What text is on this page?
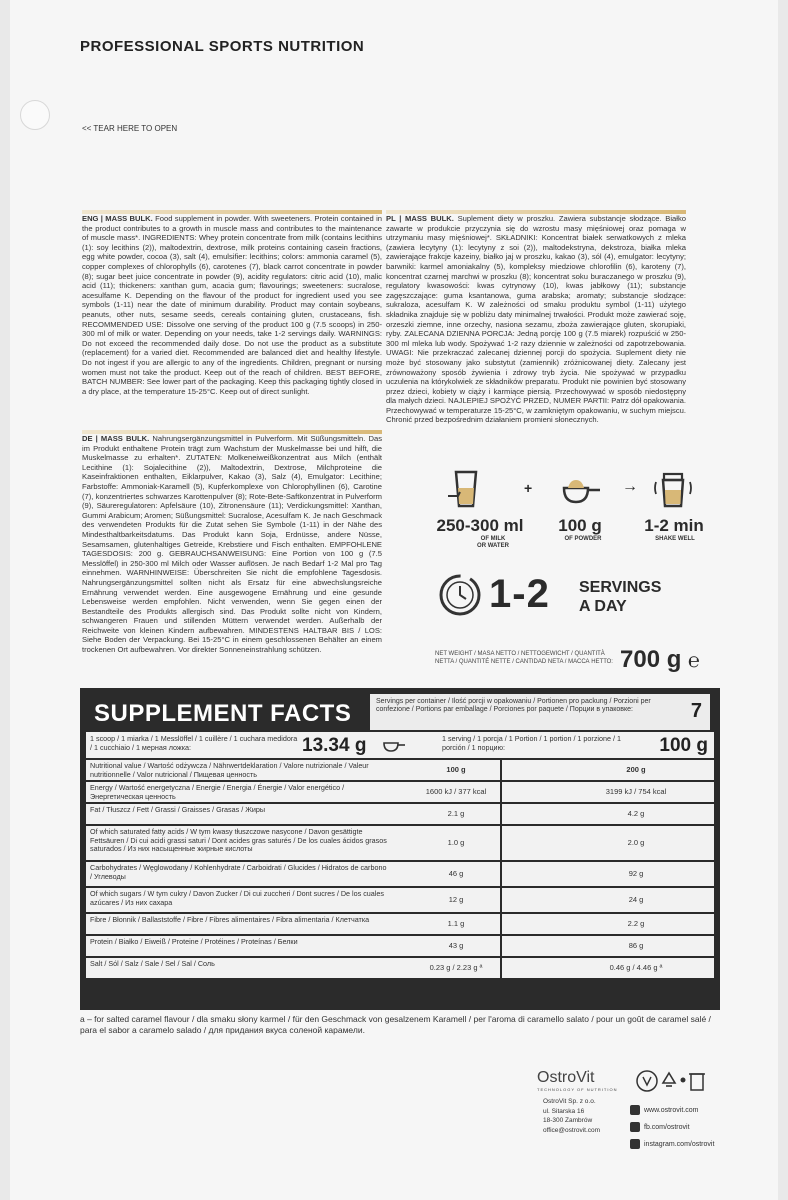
PROFESSIONAL SPORTS NUTRITION
<< TEAR HERE TO OPEN
ENG | MASS BULK. Food supplement in powder. With sweeteners. Protein contained in the product contributes to a growth in muscle mass and contributes to the maintenance of muscle mass*. INGREDIENTS: Whey protein concentrate from milk (contains lecithins (1): soy lecithins (2)), maltodextrin, dextrose, milk proteins containing casein fractions, egg white powder, cocoa (3), salt (4), emulsifier: lecithins; colors: ammonia caramel (5), copper complexes of chlorophylls (6), carotenes (7), black carrot concentrate in powder (8); sugar beet juice concentrate in powder (9), acidity regulators: citric acid (10), malic acid (11); thickeners: xanthan gum, acacia gum; flavourings; sweeteners: sucralose, acesulfame K. Depending on the flavour of the product for ingredient used you see symbols (1-11) near the date of minimum durability. Product may contain soybeans, peanuts, other nuts, sesame seeds, cereals containing gluten, crustaceans, fish. RECOMMENDED USE: Dissolve one serving of the product 100 g (7.5 scoops) in 250-300 ml of milk or water. Depending on your needs, take 1-2 servings daily. WARNINGS: Do not exceed the recommended daily dose. Do not use the product as a substitute (replacement) for a varied diet. Recommended are balanced diet and healthy lifestyle. Do not ingest if you are allergic to any of the ingredients. Children, pregnant or nursing women must not take the product. Keep out of the reach of children. BEST BEFORE, BATCH NUMBER: See lower part of the packaging. Keep this packaging tightly closed in a dry place, at the temperature 15-25°C. Keep out of direct sunlight.
PL | MASS BULK. Suplement diety w proszku. Zawiera substancje słodzące. Białko zawarte w produkcie przyczynia się do wzrostu masy mięśniowej oraz pomaga w utrzymaniu masy mięśniowej*. SKŁADNIKI: Koncentrat białek serwatkowych z mleka (zawiera lecytyny (1): lecytyny z soi (2)), maltodekstryna, dekstroza, białka mleka zawierające frakcje kazeiny, białko jaj w proszku, kakao (3), sól (4), emulgator: lecytyny; barwniki: karmel amoniakalny (5), kompleksy miedziowe chlorofilin (6), karoteny (7), koncentrat czarnej marchwi w proszku (8); koncentrat soku buraczanego w proszku (9), regulatory kwasowości: kwas cytrynowy (10), kwas jabłkowy (11); substancje zagęszczające: guma ksantanowa, guma arabska; aromaty; substancje słodzące: sukraloza, acesulfam K. W zależności od smaku produktu symbol (1-11) użytego składnika znajduje się w pobliżu daty minimalnej trwałości. Produkt może zawierać soję, orzeszki ziemne, inne orzechy, nasiona sezamu, zboża zawierające gluten, skorupiaki, ryby. ZALECANA DZIENNA PORCJA: Jedną porcję 100 g (7.5 miarek) rozpuścić w 250-300 ml mleka lub wody. Spożywać 1-2 razy dziennie w zależności od zapotrzebowania. UWAGI: Nie przekraczać zalecanej dziennej porcji do spożycia. Suplement diety nie może być stosowany jako substytut (zamiennik) zróżnicowanej diety. Zalecany jest zrównoważony sposób żywienia i zdrowy tryb życia. Nie spożywać w przypadku uczulenia na którykolwiek ze składników preparatu. Produkt nie powinien być stosowany przez dzieci, kobiety w ciąży i karmiące piersią. Przechowywać w sposób niedostępny dla małych dzieci. NAJLEPIEJ SPOŻYĆ PRZED, NUMER PARTII: Patrz dół opakowania. Przechowywać w temperaturze 15-25°C, w zamkniętym opakowaniu, w suchym miejscu. Chronić przed bezpośrednim działaniem promieni słonecznych.
DE | MASS BULK. Nahrungsergänzungsmittel in Pulverform. Mit Süßungsmitteln. Das im Produkt enthaltene Protein trägt zum Wachstum der Muskelmasse bei und hilft, die Muskelmasse zu erhalten*. ZUTATEN: Molkeneiweißkonzentrat aus Milch (enthält Lecithine (1): Sojalecithine (2)), Maltodextrin, Dextrose, Milchproteine die Kaseinfraktionen enthalten, Eiklarpulver, Kakao (3), Salz (4), Emulgator: Lecithine; Farbstoffe: Ammoniak-Karamell (5), Kupferkomplexe von Chlorophyllinen (6), Carotine (7), konzentriertes schwarzes Karottenpulver (8); Rote-Bete-Saftkonzentrat in Pulverform (9), Säureregulatoren: Apfelsäure (10), Zitronensäure (11); Verdickungsmittel: Xanthan, Gummi Arabicum; Aromen; Süßungsmittel: Sucralose, Acesulfam K. Je nach Geschmack des verwendeten Produkts für die Zutat sehen Sie Symbole (1-11) in der Nähe des Mindesthaltbarkeitsdatums. Das Produkt kann Soja, Erdnüsse, andere Nüsse, Sesamsamen, glutenhaltiges Getreide, Krebstiere und Fisch enthalten. EMPFOHLENE TAGESDOSIS: 200 g. GEBRAUCHSANWEISUNG: Eine Portion von 100 g (7.5 Messlöffel) in 250-300 ml Milch oder Wasser auflösen. Je nach Bedarf 1-2 Mal pro Tag einnehmen. WARNHINWEISE: Überschreiten Sie nicht die empfohlene Tagesdosis. Nahrungsergänzungsmittel sollten nicht als Ersatz für eine abwechslungsreiche Ernährung verwendet werden. Eine ausgewogene Ernährung und eine gesunde Lebensweise werden empfohlen. Nicht verwenden, wenn Sie gegen einen der Bestandteile des Produkts allergisch sind. Das Produkt sollte nicht von Kindern, schwangeren Frauen und stillenden Müttern verwendet werden. Außerhalb der Reichweite von kleinen Kindern aufbewahren. MINDESTENS HALTBAR BIS / LOS: Siehe Boden der Verpackung. Bei 15-25°C in einem geschlossenen Behälter an einem trockenen Ort aufbewahren. Vor direkter Sonneneinstrahlung schützen.
+	→
250-300 ml
OF MILK
OR WATER
100 g
OF POWDER
1-2 min
SHAKE WELL
1-2 SERVINGS
A DAY
NET WEIGHT / MASA NETTO / NETTOGEWICHT / QUANTITÀ NETTA / QUANTITÉ NETTE / CANTIDAD NETA / МАССА НЕТТО: 700 g ℮
SUPPLEMENT FACTS	Servings per container / Ilość porcji w opakowaniu / Portionen pro packung / Porzioni per confezione / Portions par emballage / Porciones por paquete / Порции в упаковке:	7
1 scoop / 1 miarka / 1 Messlöffel / 1 cuillère / 1 cuchara medidora / 1 cucchiaio / 1 мерная ложка:	13.34 g	1 serving / 1 porcja / 1 Portion / 1 portion / 1 porzione / 1 porción / 1 порцию:	100 g
Nutritional value / Wartość odżywcza / Nährwertdeklaration / Valore nutrizionale / Valeur nutritionnelle / Valor nutricional / Пищевая ценность
100 g	200 g
Energy / Wartość energetyczna / Energie / Energia / Énergie / Valor energético / Энергетическая ценность
1600 kJ / 377 kcal	3199 kJ / 754 kcal
Fat / Tłuszcz / Fett / Grassi / Graisses / Grasas / Жиры	2.1 g	4.2 g
Of which saturated fatty acids / W tym kwasy tłuszczowe nasycone / Davon gesättigte Fettsäuren / Di cui acidi grassi saturi / Dont acides gras saturés / De los cuales ácidos grasos saturados / Из них насыщенные жирные кислоты
1.0 g	2.0 g
Carbohydrates / Węglowodany / Kohlenhydrate / Carboidrati / Glucides / Hidratos de carbono / Углеводы	46 g	92 g
Of which sugars / W tym cukry / Davon Zucker / Di cui zuccheri / Dont sucres / De los cuales azúcares / Из них сахара	12 g	24 g
Fibre / Błonnik / Ballaststoffe / Fibre / Fibres alimentaires / Fibra alimentaria / Клетчатка	1.1 g	2.2 g
Protein / Białko / Eiweiß / Proteine / Protéines / Proteínas / Белки	43 g	86 g
Salt / Sól / Salz / Sale / Sel / Sal / Соль	0.23 g / 2.23 g ª	0.46 g / 4.46 g ª
a – for salted caramel flavour / dla smaku słony karmel / für den Geschmack von gesalzenem Karamell / per l'aroma di caramello salato / pour un goût de caramel salé / para el sabor a caramelo salado / для придания вкуса соленой карамели.
OstroVit
TECHNOLOGY OF NUTRITION
OstroVit Sp. z o.o.
ul. Sitarska 16
18-300 Zambrów
office@ostrovit.com
www.ostrovit.com
fb.com/ostrovit
instagram.com/ostrovit
